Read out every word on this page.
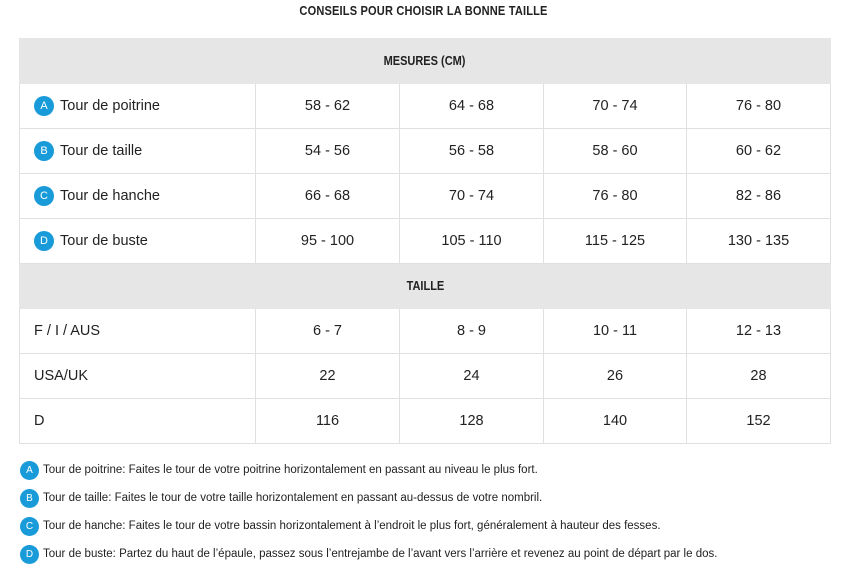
CONSEILS POUR CHOISIR LA BONNE TAILLE
MESURES (CM)				
A Tour de poitrine	58 - 62	64 - 68	70 - 74	76 - 80
B Tour de taille	54 - 56	56 - 58	58 - 60	60 - 62
C Tour de hanche	66 - 68	70 - 74	76 - 80	82 - 86
D Tour de buste	95 - 100	105 - 110	115 - 125	130 - 135
TAILLE				
F / I / AUS	6 - 7	8 - 9	10 - 11	12 - 13
USA/UK	22	24	26	28
D	116	128	140	152
A Tour de poitrine: Faites le tour de votre poitrine horizontalement en passant au niveau le plus fort.
B Tour de taille: Faites le tour de votre taille horizontalement en passant au-dessus de votre nombril.
C Tour de hanche: Faites le tour de votre bassin horizontalement à l’endroit le plus fort, généralement à hauteur des fesses.
D Tour de buste: Partez du haut de l’épaule, passez sous l’entrejambe de l’avant vers l’arrière et revenez au point de départ par le dos.
